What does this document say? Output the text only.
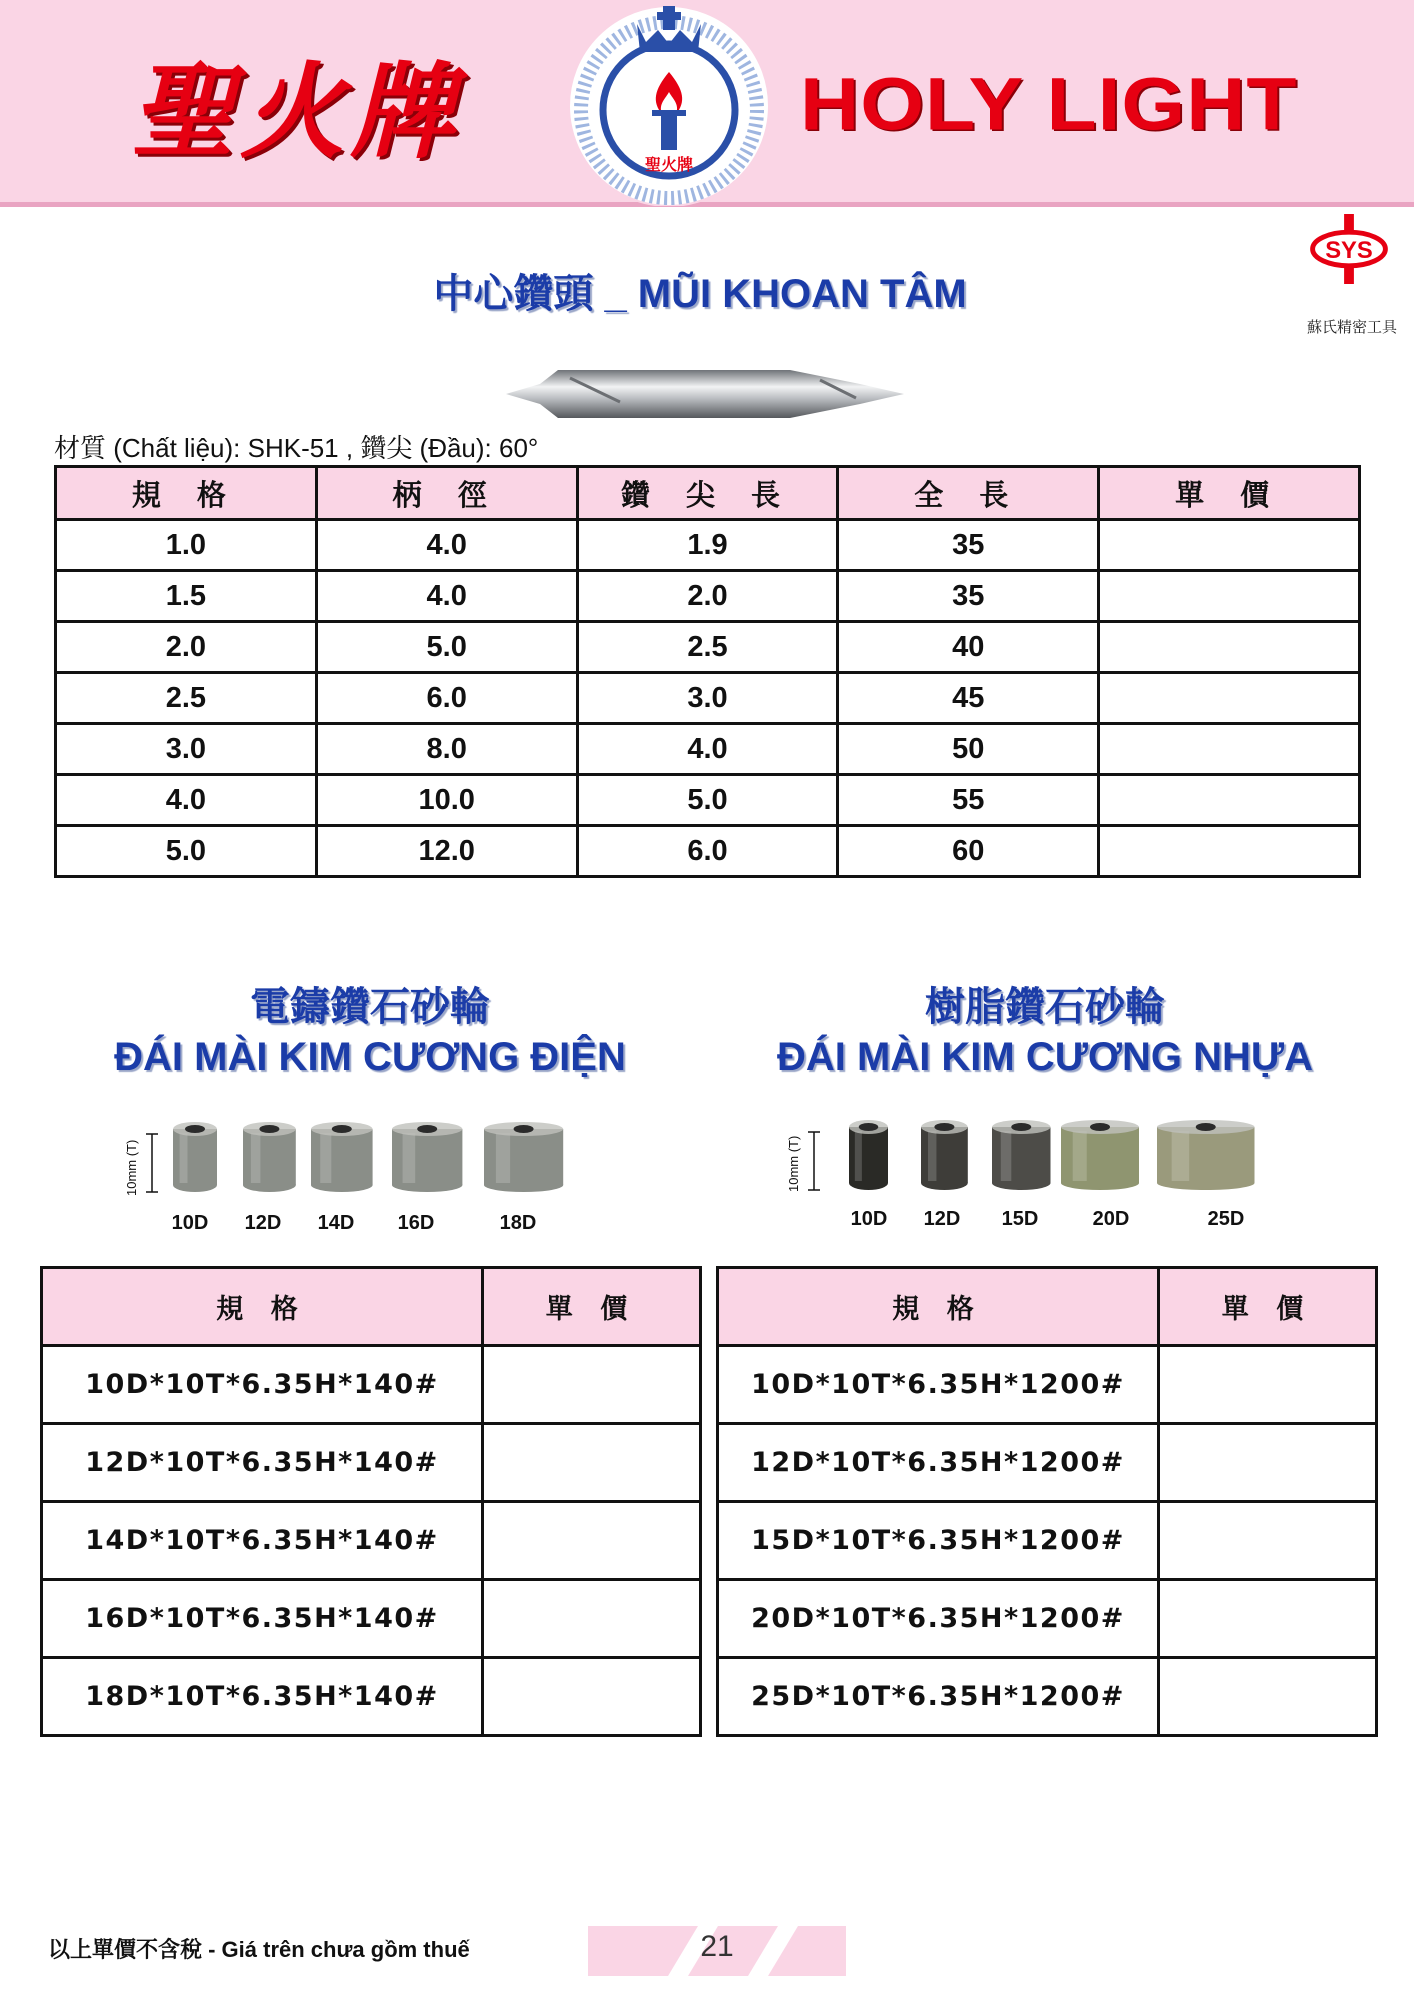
聖火牌	聖火牌
HOLY LIGHT
SYS
蘇氏精密工具
中心鑽頭 _ MŨI KHOAN TÂM
材質 (Chất liệu): SHK-51 , 鑽尖 (Đầu): 60°
規 格	柄 徑	鑽 尖 長	全 長	單 價
1.0	4.0	1.9	35	
1.5	4.0	2.0	35	
2.0	5.0	2.5	40	
2.5	6.0	3.0	45	
3.0	8.0	4.0	50	
4.0	10.0	5.0	55	
5.0	12.0	6.0	60	
電鑄鑽石砂輪
ĐÁI MÀI KIM CƯƠNG ĐIỆN
10mm (T)
10D	12D	14D	16D	18D
樹脂鑽石砂輪
ĐÁI MÀI KIM CƯƠNG NHỰA
10mm (T)
10D	12D	15D	20D	25D
規 格	單 價
10D*10T*6.35H*140#	
12D*10T*6.35H*140#	
14D*10T*6.35H*140#	
16D*10T*6.35H*140#	
18D*10T*6.35H*140#	
規 格	單 價
10D*10T*6.35H*1200#	
12D*10T*6.35H*1200#	
15D*10T*6.35H*1200#	
20D*10T*6.35H*1200#	
25D*10T*6.35H*1200#	
以上單價不含稅 - Giá trên chưa gồm thuế	21
